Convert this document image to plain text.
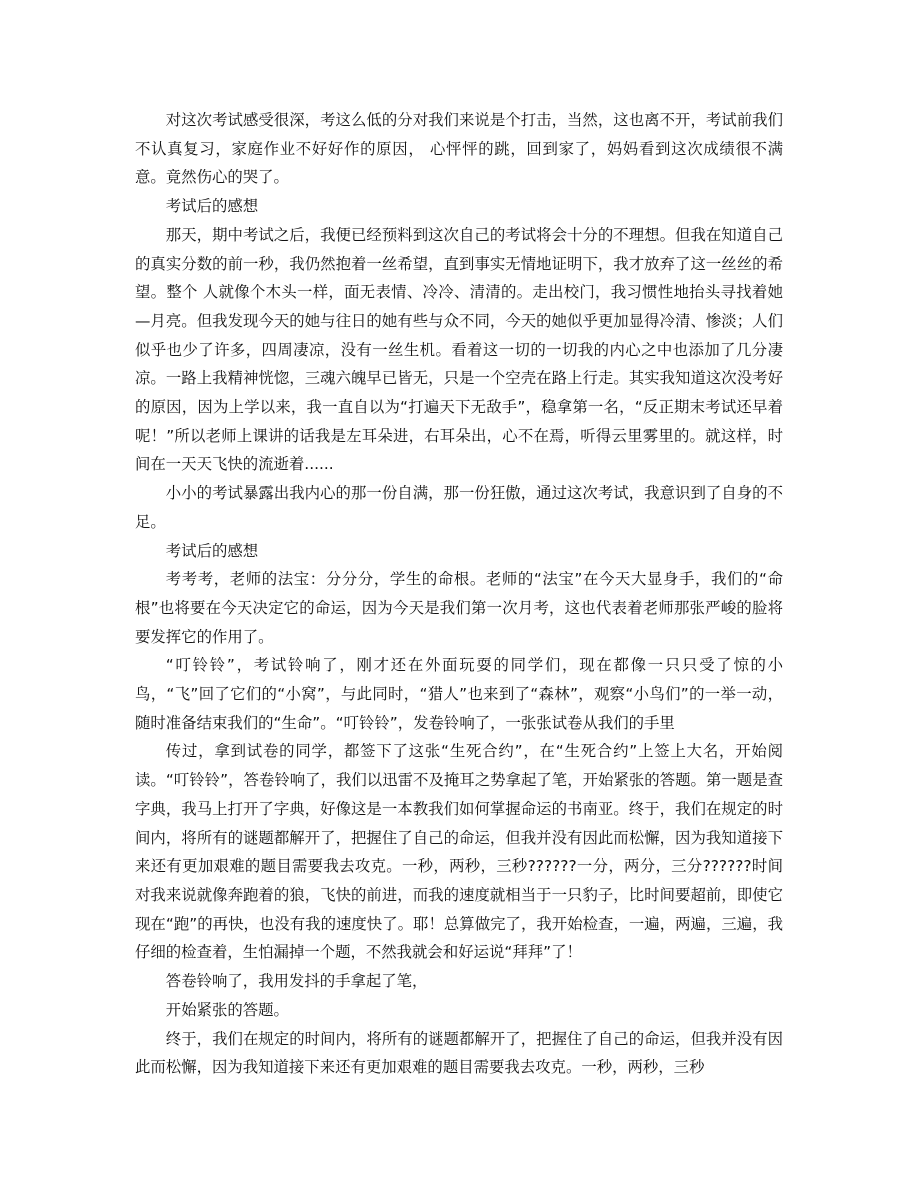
对这次考试感受很深，考这么低的分对我们来说是个打击，当然，这也离不开，考试前我们不认真复习，家庭作业不好好作的原因， 心怦怦的跳，回到家了，妈妈看到这次成绩很不满意。竟然伤心的哭了。

考试后的感想

那天，期中考试之后，我便已经预料到这次自己的考试将会十分的不理想。但我在知道自己的真实分数的前一秒，我仍然抱着一丝希望，直到事实无情地证明下，我才放弃了这一丝丝的希望。整个 人就像个木头一样，面无表情、冷冷、清清的。走出校门，我习惯性地抬头寻找着她—月亮。但我发现今天的她与往日的她有些与众不同，今天的她似乎更加显得冷清、惨淡；人们似乎也少了许多，四周凄凉，没有一丝生机。看着这一切的一切我的内心之中也添加了几分凄凉。一路上我精神恍惚，三魂六魄早已皆无，只是一个空壳在路上行走。其实我知道这次没考好的原因，因为上学以来，我一直自以为“打遍天下无敌手”，稳拿第一名，“反正期末考试还早着呢！”所以老师上课讲的话我是左耳朵进，右耳朵出，心不在焉，听得云里雾里的。就这样，时间在一天天飞快的流逝着......

小小的考试暴露出我内心的那一份自满，那一份狂傲，通过这次考试，我意识到了自身的不足。

考试后的感想

考考考，老师的法宝：分分分，学生的命根。老师的“法宝”在今天大显身手，我们的“命根”也将要在今天决定它的命运，因为今天是我们第一次月考，这也代表着老师那张严峻的脸将要发挥它的作用了。

“叮铃铃”，考试铃响了，刚才还在外面玩耍的同学们，现在都像一只只受了惊的小鸟，“飞”回了它们的“小窝”，与此同时，“猎人”也来到了“森林”，观察“小鸟们”的一举一动，随时准备结束我们的“生命”。“叮铃铃”，发卷铃响了，一张张试卷从我们的手里

传过，拿到试卷的同学，都签下了这张“生死合约”，在“生死合约”上签上大名，开始阅读。“叮铃铃”，答卷铃响了，我们以迅雷不及掩耳之势拿起了笔，开始紧张的答题。第一题是查字典，我马上打开了字典，好像这是一本教我们如何掌握命运的书南亚。终于，我们在规定的时间内，将所有的谜题都解开了，把握住了自己的命运，但我并没有因此而松懈，因为我知道接下来还有更加艰难的题目需要我去攻克。一秒，两秒，三秒??????一分，两分，三分??????时间对我来说就像奔跑着的狼，飞快的前进，而我的速度就相当于一只豹子，比时间要超前，即使它现在“跑”的再快，也没有我的速度快了。耶！总算做完了，我开始检查，一遍，两遍，三遍，我仔细的检查着，生怕漏掉一个题，不然我就会和好运说“拜拜”了！

答卷铃响了，我用发抖的手拿起了笔，

开始紧张的答题。

终于，我们在规定的时间内，将所有的谜题都解开了，把握住了自己的命运，但我并没有因此而松懈，因为我知道接下来还有更加艰难的题目需要我去攻克。一秒，两秒，三秒
